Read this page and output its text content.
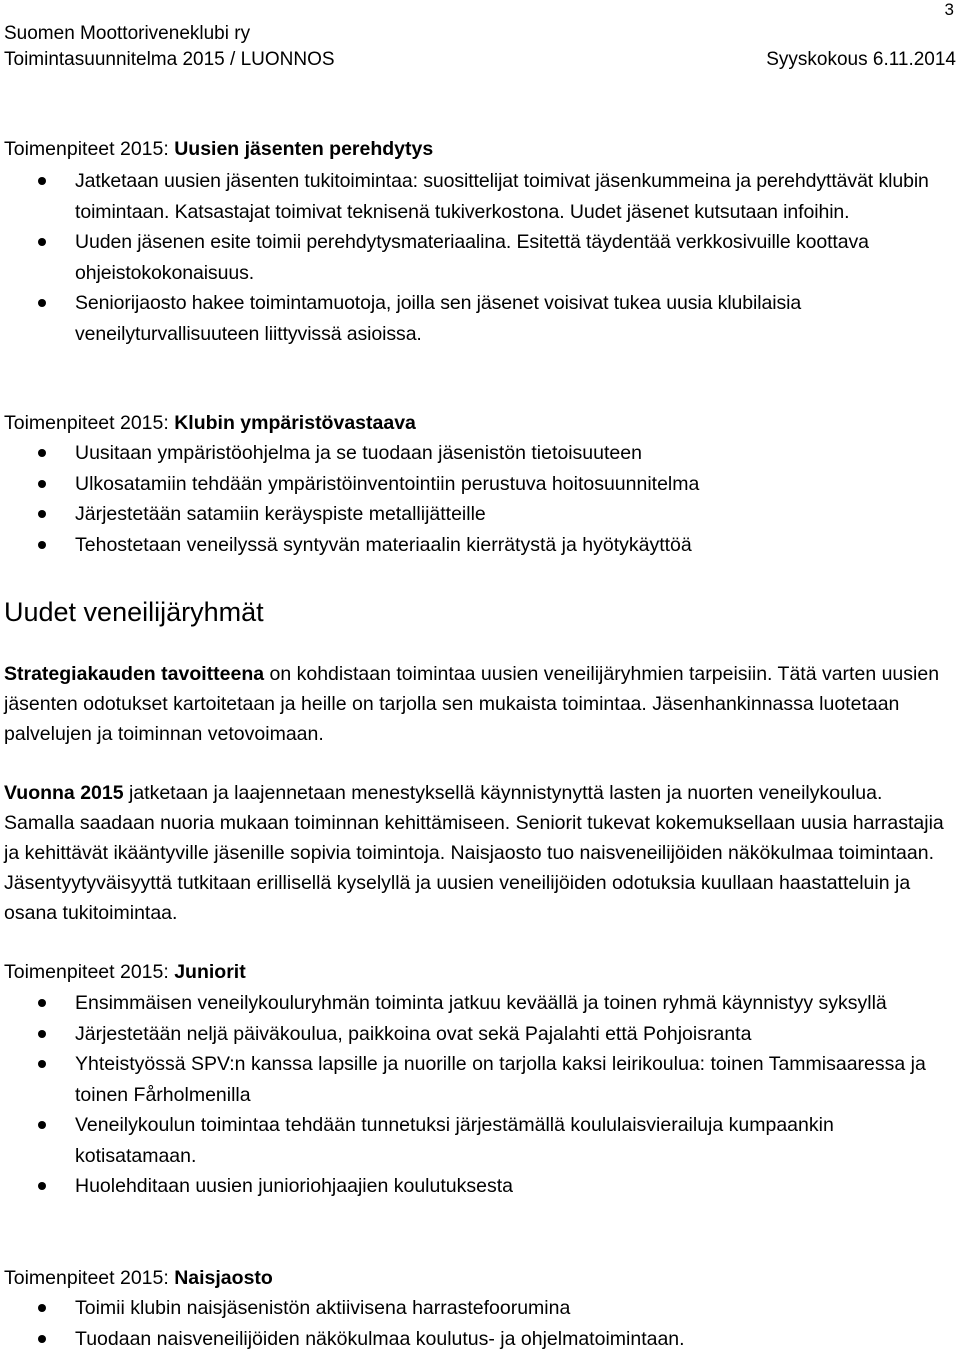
3
Suomen Moottoriveneklubi ry
Toimintasuunnitelma 2015 / LUONNOS	Syyskokous 6.11.2014
Toimenpiteet 2015: Uusien jäsenten perehdytys
Jatketaan uusien jäsenten tukitoimintaa: suosittelijat toimivat jäsenkummeina ja perehdyttävät klubin toimintaan. Katsastajat toimivat teknisenä tukiverkostona. Uudet jäsenet kutsutaan infoihin.
Uuden jäsenen esite toimii perehdytysmateriaalina. Esitettä täydentää verkkosivuille koottava ohjeistokokonaisuus.
Seniorijaosto hakee toimintamuotoja, joilla sen jäsenet voisivat tukea uusia klubilaisia veneilyturvallisuuteen liittyvissä asioissa.
Toimenpiteet 2015: Klubin ympäristövastaava
Uusitaan ympäristöohjelma ja se tuodaan jäsenistön tietoisuuteen
Ulkosatamiin tehdään ympäristöinventointiin perustuva hoitosuunnitelma
Järjestetään satamiin keräyspiste metallijätteille
Tehostetaan veneilyssä syntyvän materiaalin kierrätystä ja hyötykäyttöä
Uudet veneilijäryhmät

Strategiakauden tavoitteena on kohdistaan toimintaa uusien veneilijäryhmien tarpeisiin. Tätä varten uusien jäsenten odotukset kartoitetaan ja heille on tarjolla sen mukaista toimintaa. Jäsenhankinnassa luotetaan palvelujen ja toiminnan vetovoimaan.

Vuonna 2015 jatketaan ja laajennetaan menestyksellä käynnistynyttä lasten ja nuorten veneilykoulua. Samalla saadaan nuoria mukaan toiminnan kehittämiseen. Seniorit tukevat kokemuksellaan uusia harrastajia ja kehittävät ikääntyville jäsenille sopivia toimintoja. Naisjaosto tuo naisveneilijöiden näkökulmaa toimintaan. Jäsentyytyväisyyttä tutkitaan erillisellä kyselyllä ja uusien veneilijöiden odotuksia kuullaan haastatteluin ja osana tukitoimintaa.

Toimenpiteet 2015: Juniorit
Ensimmäisen veneilykouluryhmän toiminta jatkuu keväällä ja toinen ryhmä käynnistyy syksyllä
Järjestetään neljä päiväkoulua, paikkoina ovat sekä Pajalahti että Pohjoisranta
Yhteistyössä SPV:n kanssa lapsille ja nuorille on tarjolla kaksi leirikoulua: toinen Tammisaaressa ja toinen Fårholmenilla
Veneilykoulun toimintaa tehdään tunnetuksi järjestämällä koululaisvierailuja kumpaankin kotisatamaan.
Huolehditaan uusien junioriohjaajien koulutuksesta
Toimenpiteet 2015: Naisjaosto
Toimii klubin naisjäsenistön aktiivisena harrastefoorumina
Tuodaan naisveneilijöiden näkökulmaa koulutus- ja ohjelmatoimintaan.
